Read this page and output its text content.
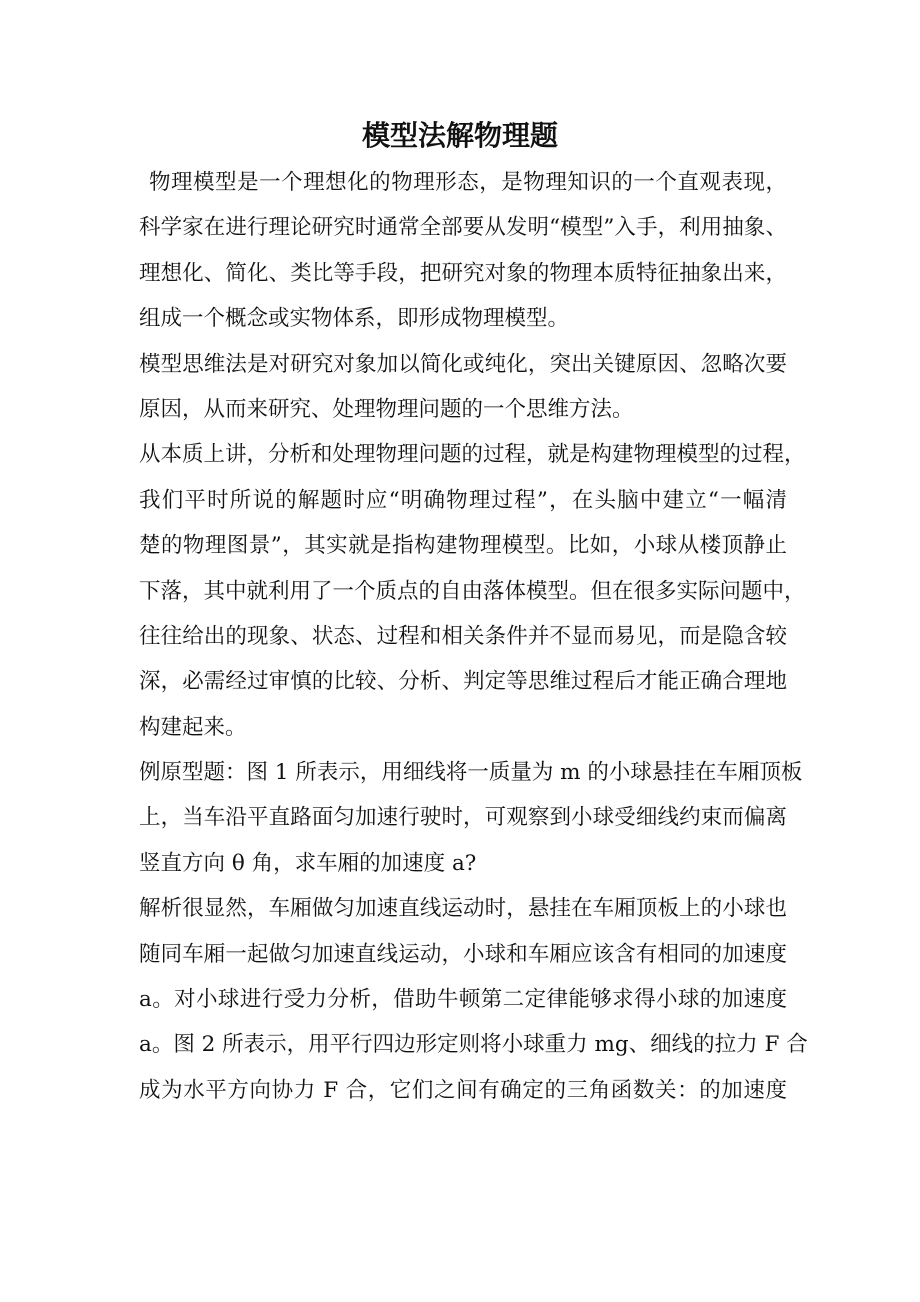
模型法解物理题
物理模型是一个理想化的物理形态，是物理知识的一个直观表现，
科学家在进行理论研究时通常全部要从发明“模型”入手，利用抽象、
理想化、简化、类比等手段，把研究对象的物理本质特征抽象出来，
组成一个概念或实物体系，即形成物理模型。
模型思维法是对研究对象加以简化或纯化，突出关键原因、忽略次要
原因，从而来研究、处理物理问题的一个思维方法。
从本质上讲，分析和处理物理问题的过程，就是构建物理模型的过程，
我们平时所说的解题时应“明确物理过程”，在头脑中建立“一幅清
楚的物理图景”，其实就是指构建物理模型。比如，小球从楼顶静止
下落，其中就利用了一个质点的自由落体模型。但在很多实际问题中，
往往给出的现象、状态、过程和相关条件并不显而易见，而是隐含较
深，必需经过审慎的比较、分析、判定等思维过程后才能正确合理地
构建起来。
例原型题：图 1 所表示，用细线将一质量为 m 的小球悬挂在车厢顶板
上，当车沿平直路面匀加速行驶时，可观察到小球受细线约束而偏离
竖直方向 θ 角，求车厢的加速度 a?
解析很显然，车厢做匀加速直线运动时，悬挂在车厢顶板上的小球也
随同车厢一起做匀加速直线运动，小球和车厢应该含有相同的加速度
a。对小球进行受力分析，借助牛顿第二定律能够求得小球的加速度
a。图 2 所表示，用平行四边形定则将小球重力 mg、细线的拉力 F 合
成为水平方向协力 F 合，它们之间有确定的三角函数关：的加速度
